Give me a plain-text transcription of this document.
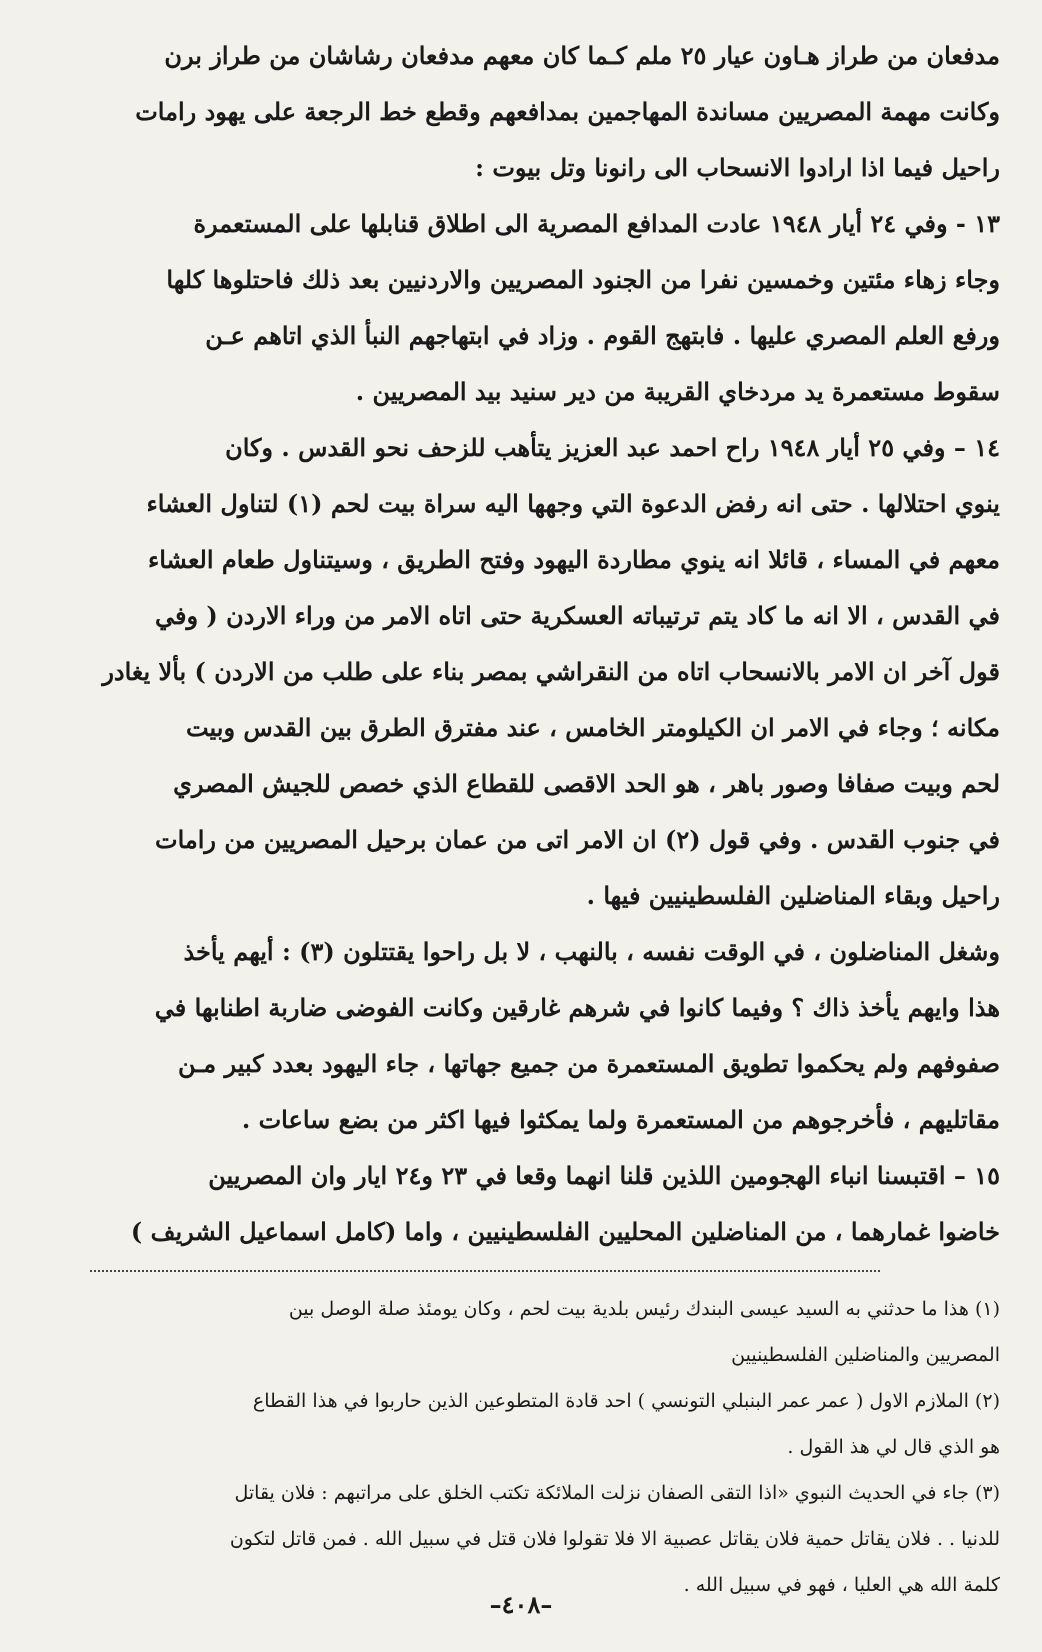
مدفعان من طراز هـاون عيار ٢٥ ملم كـما كان معهم مدفعان رشاشان من طراز برن
وكانت مهمة المصريين مساندة المهاجمين بمدافعهم وقطع خط الرجعة على يهود رامات
راحيل فيما اذا ارادوا الانسحاب الى رانونا وتل بيوت :
١٣ - وفي ٢٤ أيار ١٩٤٨ عادت المدافع المصرية الى اطلاق قنابلها على المستعمرة
وجاء زهاء مئتين وخمسين نفرا من الجنود المصريين والاردنيين بعد ذلك فاحتلوها كلها
ورفع العلم المصري عليها . فابتهج القوم . وزاد في ابتهاجهم النبأ الذي اتاهم عـن
سقوط مستعمرة يد مردخاي القريبة من دير سنيد بيد المصريين .
١٤ – وفي ٢٥ أيار ١٩٤٨ راح احمد عبد العزيز يتأهب للزحف نحو القدس . وكان
ينوي احتلالها . حتى انه رفض الدعوة التي وجهها اليه سراة بيت لحم (١) لتناول العشاء
معهم في المساء ، قائلا انه ينوي مطاردة اليهود وفتح الطريق ، وسيتناول طعام العشاء
في القدس ، الا انه ما كاد يتم ترتيباته العسكرية حتى اتاه الامر من وراء الاردن ( وفي
قول آخر ان الامر بالانسحاب اتاه من النقراشي بمصر بناء على طلب من الاردن ) بألا يغادر
مكانه ؛ وجاء في الامر ان الكيلومتر الخامس ، عند مفترق الطرق بين القدس وبيت
لحم وبيت صفافا وصور باهر ، هو الحد الاقصى للقطاع الذي خصص للجيش المصري
في جنوب القدس . وفي قول (٢) ان الامر اتى من عمان برحيل المصريين من رامات
راحيل وبقاء المناضلين الفلسطينيين فيها .
وشغل المناضلون ، في الوقت نفسه ، بالنهب ، لا بل راحوا يقتتلون (٣) : أيهم يأخذ
هذا وايهم يأخذ ذاك ؟ وفيما كانوا في شرهم غارقين وكانت الفوضى ضاربة اطنابها في
صفوفهم ولم يحكموا تطويق المستعمرة من جميع جهاتها ، جاء اليهود بعدد كبير مـن
مقاتليهم ، فأخرجوهم من المستعمرة ولما يمكثوا فيها اكثر من بضع ساعات .
١٥ – اقتبسنا انباء الهجومين اللذين قلنا انهما وقعا في ٢٣ و٢٤ ايار وان المصريين
خاضوا غمارهما ، من المناضلين المحليين الفلسطينيين ، واما (كامل اسماعيل الشريف )
(١) هذا ما حدثني به السيد عيسى البندك رئيس بلدية بيت لحم ، وكان يومئذ صلة الوصل بين
المصريين والمناضلين الفلسطينيين
(٢) الملازم الاول ( عمر عمر البنبلي التونسي ) احد قادة المتطوعين الذين حاربوا في هذا القطاع
هو الذي قال لي هذ القول .
(٣) جاء في الحديث النبوي «اذا التقى الصفان نزلت الملائكة تكتب الخلق على مراتبهم : فلان يقاتل
للدنيا . . فلان يقاتل حمية فلان يقاتل عصبية الا فلا تقولوا فلان قتل في سبيل الله . فمن قاتل لتكون
كلمة الله هي العليا ، فهو في سبيل الله .
–٤٠٨–
